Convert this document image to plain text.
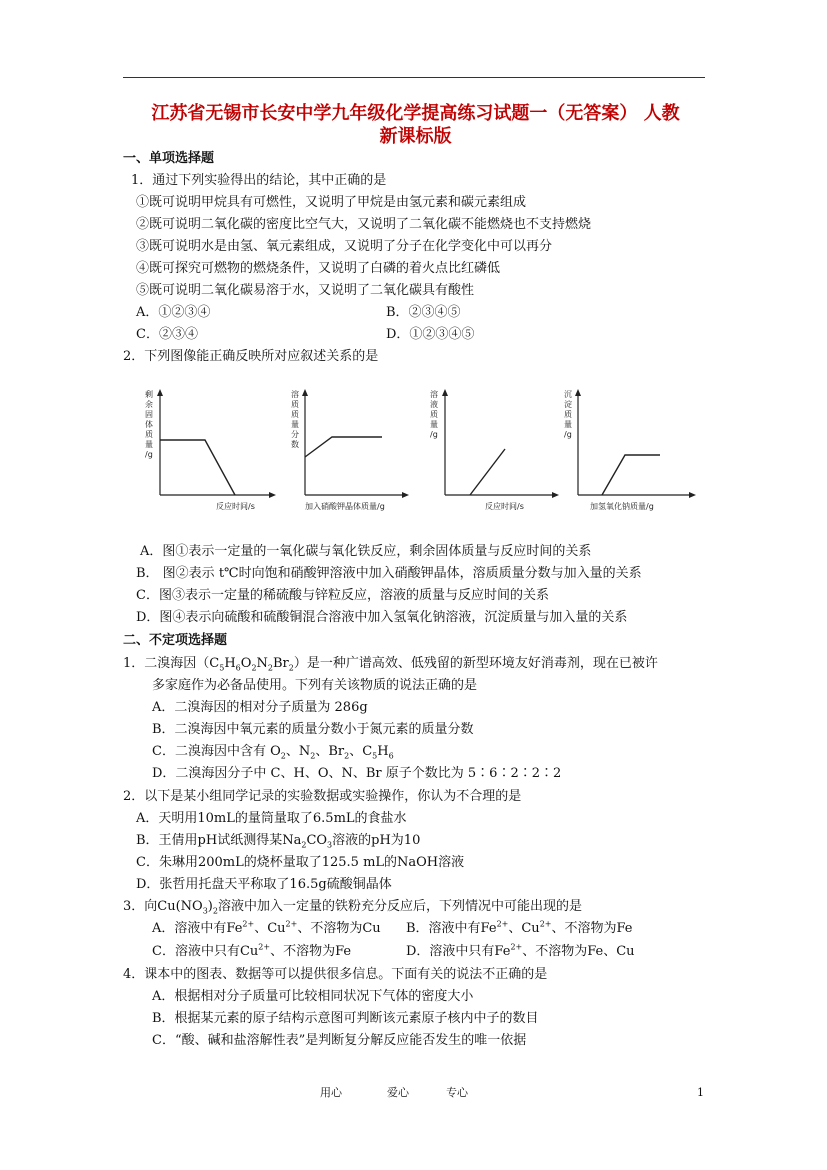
江苏省无锡市长安中学九年级化学提高练习试题一（无答案） 人教
新课标版
一、单项选择题
1．通过下列实验得出的结论，其中正确的是
①既可说明甲烷具有可燃性，又说明了甲烷是由氢元素和碳元素组成
②既可说明二氧化碳的密度比空气大，又说明了二氧化碳不能燃烧也不支持燃烧
③既可说明水是由氢、氧元素组成，又说明了分子在化学变化中可以再分
④既可探究可燃物的燃烧条件，又说明了白磷的着火点比红磷低
⑤既可说明二氧化碳易溶于水，又说明了二氧化碳具有酸性
A．①②③④	B．②③④⑤
C．②③④	D．①②③④⑤
2．下列图像能正确反映所对应叙述关系的是
剩余固体质量/g
反应时间/s
溶质质量分数
加入硝酸钾晶体质量/g
溶液质量/g
反应时间/s
沉淀质量/g
加氢氧化钠质量/g
A．图①表示一定量的一氧化碳与氧化铁反应，剩余固体质量与反应时间的关系
B． 图②表示 t℃时向饱和硝酸钾溶液中加入硝酸钾晶体，溶质质量分数与加入量的关系
C．图③表示一定量的稀硫酸与锌粒反应，溶液的质量与反应时间的关系
D．图④表示向硫酸和硫酸铜混合溶液中加入氢氧化钠溶液，沉淀质量与加入量的关系
二、不定项选择题
1．二溴海因$(C_5H_6O_2N_2Br_2)$是一种广谱高效、低残留的新型环境友好消毒剂，现在已被许
多家庭作为必备品使用。下列有关该物质的说法正确的是
A．二溴海因的相对分子质量为 286g
B．二溴海因中氧元素的质量分数小于氮元素的质量分数
C．二溴海因中含有 $O_2$、$N_2$、$Br_2$、$C_5H_6$
D．二溴海因分子中 C、H、O、N、Br 原子个数比为 5∶6∶2∶2∶2
2．以下是某小组同学记录的实验数据或实验操作，你认为不合理的是
A．天明用10mL的量筒量取了6.5mL的食盐水
B．王倩用pH试纸测得某$Na_2CO_3$溶液的pH为10
C．朱琳用200mL的烧杯量取了125.5 mL的NaOH溶液
D．张哲用托盘天平称取了16.5g硫酸铜晶体
3．向$Cu(NO_3)_2$溶液中加入一定量的铁粉充分反应后，下列情况中可能出现的是
A．溶液中有$Fe^{2+}$、$Cu^{2+}$、不溶物为Cu B．溶液中有$Fe^{2+}$、$Cu^{2+}$、不溶物为Fe
C．溶液中只有$Cu^{2+}$、不溶物为Fe	D．溶液中只有$Fe^{2+}$、不溶物为Fe、Cu
4．课本中的图表、数据等可以提供很多信息。下面有关的说法不正确的是
A．根据相对分子质量可比较相同状况下气体的密度大小
B．根据某元素的原子结构示意图可判断该元素原子核内中子的数目
C．“酸、碱和盐溶解性表”是判断复分解反应能否发生的唯一依据
用心	爱心	专心	1
